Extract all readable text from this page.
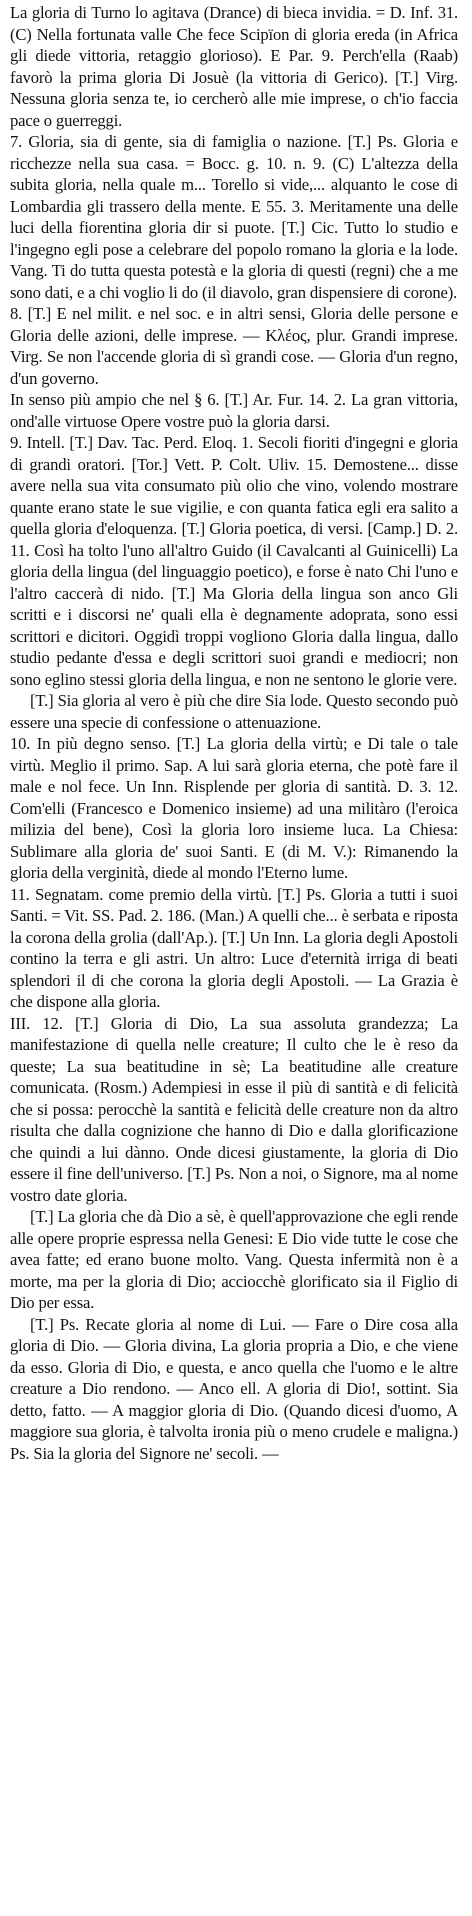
La gloria di Turno lo agitava (Drance) di bieca invidia. = D. Inf. 31. (C) Nella fortunata valle Che fece Scipïon di gloria ereda (in Africa gli diede vittoria, retaggio glorioso). E Par. 9. Perch'ella (Raab) favorò la prima gloria Di Josuè (la vittoria di Gerico). [T.] Virg. Nessuna gloria senza te, io cercherò alle mie imprese, o ch'io faccia pace o guerreggi.

7. Gloria, sia di gente, sia di famiglia o nazione. [T.] Ps. Gloria e ricchezze nella sua casa. = Bocc. g. 10. n. 9. (C) L'altezza della subita gloria, nella quale m... Torello si vide,... alquanto le cose di Lombardia gli trassero della mente. E 55. 3. Meritamente una delle luci della fiorentina gloria dir si puote. [T.] Cic. Tutto lo studio e l'ingegno egli pose a celebrare del popolo romano la gloria e la lode. Vang. Ti do tutta questa potestà e la gloria di questi (regni) che a me sono dati, e a chi voglio li do (il diavolo, gran dispensiere di corone).

8. [T.] E nel milit. e nel soc. e in altri sensi, Gloria delle persone e Gloria delle azioni, delle imprese. — Κλέος, plur. Grandi imprese. Virg. Se non l'accende gloria di sì grandi cose. — Gloria d'un regno, d'un governo.

In senso più ampio che nel § 6. [T.] Ar. Fur. 14. 2. La gran vittoria, ond'alle virtuose Opere vostre può la gloria darsi.

9. Intell. [T.] Dav. Tac. Perd. Eloq. 1. Secoli fioriti d'ingegni e gloria di grandi oratori. [Tor.] Vett. P. Colt. Uliv. 15. Demostene... disse avere nella sua vita consumato più olio che vino, volendo mostrare quante erano state le sue vigilie, e con quanta fatica egli era salito a quella gloria d'eloquenza. [T.] Gloria poetica, di versi. [Camp.] D. 2. 11. Così ha tolto l'uno all'altro Guido (il Cavalcanti al Guinicelli) La gloria della lingua (del linguaggio poetico), e forse è nato Chi l'uno e l'altro caccerà di nido. [T.] Ma Gloria della lingua son anco Gli scritti e i discorsi ne' quali ella è degnamente adoprata, sono essi scrittori e dicitori. Oggidì troppi vogliono Gloria dalla lingua, dallo studio pedante d'essa e degli scrittori suoi grandi e mediocri; non sono eglino stessi gloria della lingua, e non ne sentono le glorie vere.

[T.] Sia gloria al vero è più che dire Sia lode. Questo secondo può essere una specie di confessione o attenuazione.

10. In più degno senso. [T.] La gloria della virtù; e Di tale o tale virtù. Meglio il primo. Sap. A lui sarà gloria eterna, che potè fare il male e nol fece. Un Inn. Risplende per gloria di santità. D. 3. 12. Com'elli (Francesco e Domenico insieme) ad una militàro (l'eroica milizia del bene), Così la gloria loro insieme luca. La Chiesa: Sublimare alla gloria de' suoi Santi. E (di M. V.): Rimanendo la gloria della verginità, diede al mondo l'Eterno lume.

11. Segnatam. come premio della virtù. [T.] Ps. Gloria a tutti i suoi Santi. = Vit. SS. Pad. 2. 186. (Man.) A quelli che... è serbata e riposta la corona della grolia (dall'Ap.). [T.] Un Inn. La gloria degli Apostoli contino la terra e gli astri. Un altro: Luce d'eternità irriga di beati splendori il di che corona la gloria degli Apostoli. — La Grazia è che dispone alla gloria.

III. 12. [T.] Gloria di Dio, La sua assoluta grandezza; La manifestazione di quella nelle creature; Il culto che le è reso da queste; La sua beatitudine in sè; La beatitudine alle creature comunicata. (Rosm.) Adempiesi in esse il più di santità e di felicità che si possa: perocchè la santità e felicità delle creature non da altro risulta che dalla cognizione che hanno di Dio e dalla glorificazione che quindi a lui dànno. Onde dicesi giustamente, la gloria di Dio essere il fine dell'universo. [T.] Ps. Non a noi, o Signore, ma al nome vostro date gloria.

[T.] La gloria che dà Dio a sè, è quell'approvazione che egli rende alle opere proprie espressa nella Genesi: E Dio vide tutte le cose che avea fatte; ed erano buone molto. Vang. Questa infermità non è a morte, ma per la gloria di Dio; acciocchè glorificato sia il Figlio di Dio per essa.

[T.] Ps. Recate gloria al nome di Lui. — Fare o Dire cosa alla gloria di Dio. — Gloria divina, La gloria propria a Dio, e che viene da esso. Gloria di Dio, e questa, e anco quella che l'uomo e le altre creature a Dio rendono. — Anco ell. A gloria di Dio!, sottint. Sia detto, fatto. — A maggior gloria di Dio. (Quando dicesi d'uomo, A maggiore sua gloria, è talvolta ironia più o meno crudele e maligna.) Ps. Sia la gloria del Signore ne' secoli. —
